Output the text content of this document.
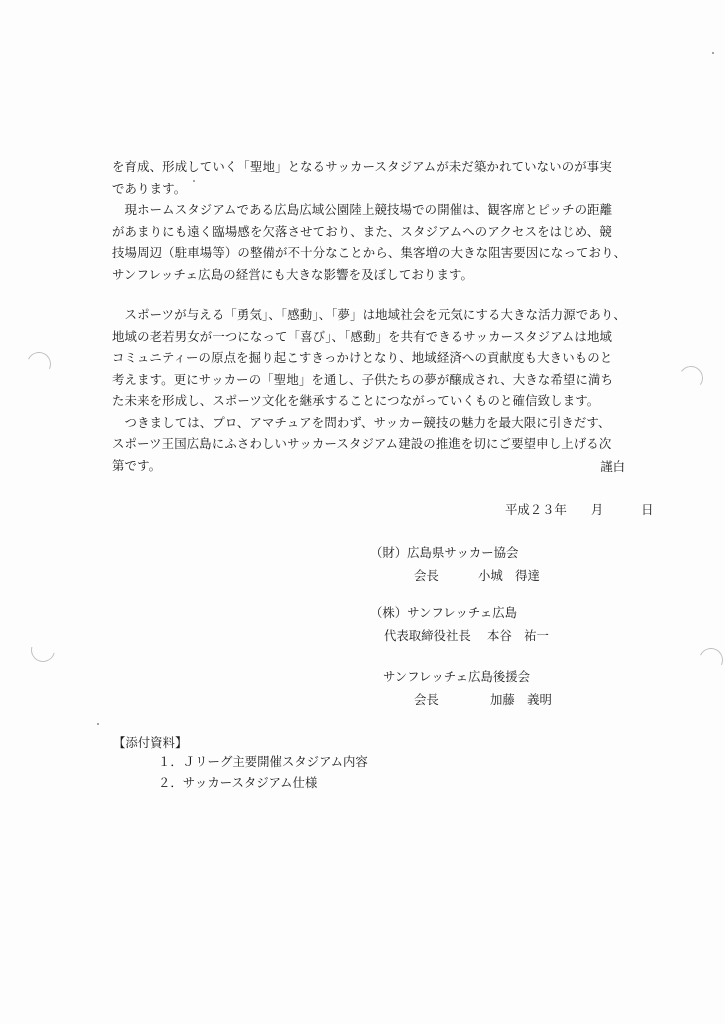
を育成、形成していく「聖地」となるサッカースタジアムが未だ築かれていないのが事実
であります。
　現ホームスタジアムである広島広域公園陸上競技場での開催は、観客席とピッチの距離
があまりにも遠く臨場感を欠落させており、また、スタジアムへのアクセスをはじめ、競
技場周辺（駐車場等）の整備が不十分なことから、集客増の大きな阻害要因になっており、
サンフレッチェ広島の経営にも大きな影響を及ぼしております。
　スポーツが与える「勇気」、「感動」、「夢」は地域社会を元気にする大きな活力源であり、
地域の老若男女が一つになって「喜び」、「感動」を共有できるサッカースタジアムは地域
コミュニティーの原点を掘り起こすきっかけとなり、地域経済への貢献度も大きいものと
考えます。更にサッカーの「聖地」を通し、子供たちの夢が醸成され、大きな希望に満ち
た未来を形成し、スポーツ文化を継承することにつながっていくものと確信致します。
　つきましては、プロ、アマチュアを問わず、サッカー競技の魅力を最大限に引きだす、
スポーツ王国広島にふさわしいサッカースタジアム建設の推進を切にご要望申し上げる次
第です。	謹白
平成２３年 月	日
（財）広島県サッカー協会
会長	小城　得達
（株）サンフレッチェ広島
代表取締役社長 本谷　祐一
サンフレッチェ広島後援会
会長	加藤　義明
【添付資料】
１．Ｊリーグ主要開催スタジアム内容
２．サッカースタジアム仕様
